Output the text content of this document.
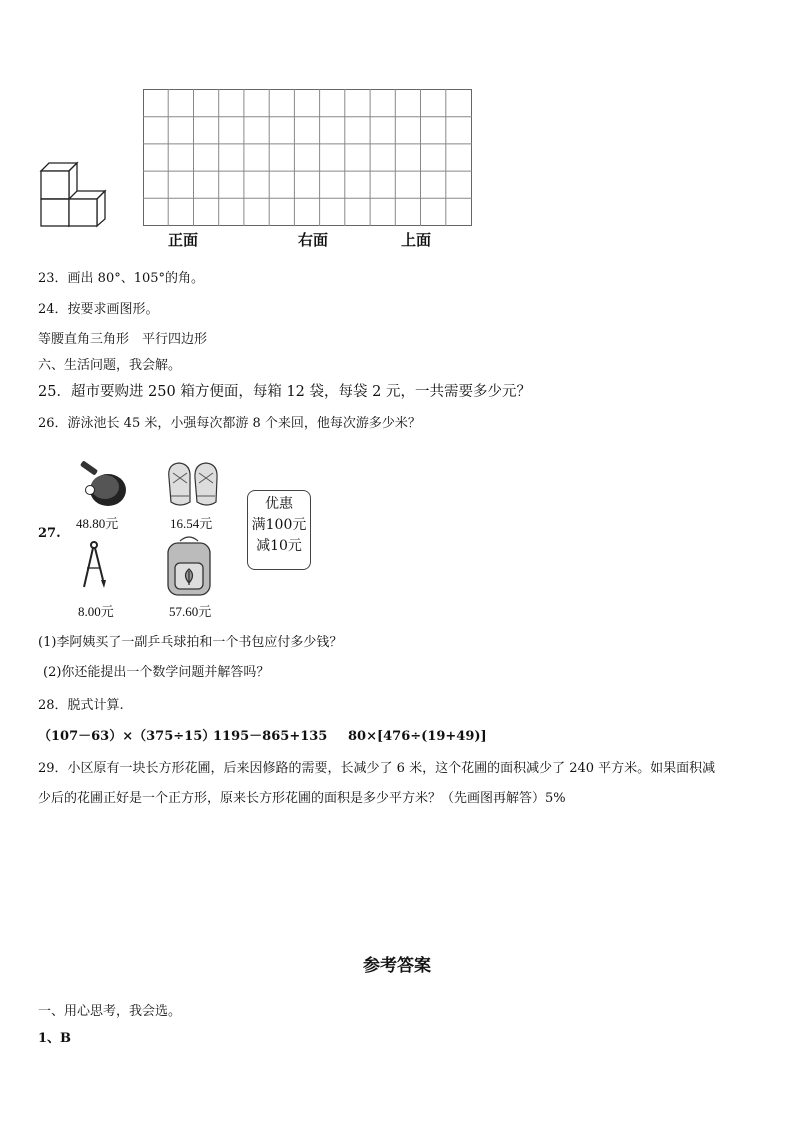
正面	右面	上面
23．画出 80°、105°的角。
24．按要求画图形。
等腰直角三角形　平行四边形
六、生活问题，我会解。
25．超市要购进 250 箱方便面，每箱 12 袋，每袋 2 元，一共需要多少元？
26．游泳池长 45 米，小强每次都游 8 个来回，他每次游多少米？
27.
48.80元	16.54元
优惠
满100元
减10元
8.00元	57.60元
(1)李阿姨买了一副乒乓球拍和一个书包应付多少钱？
(2)你还能提出一个数学问题并解答吗？
28．脱式计算.
（107－63）×（375÷15）
1195－865+135 80×[476÷(19+49)]
29．小区原有一块长方形花圃，后来因修路的需要，长减少了 6 米，这个花圃的面积减少了 240 平方米。如果面积减
少后的花圃正好是一个正方形，原来长方形花圃的面积是多少平方米？（先画图再解答）5%
参考答案
一、用心思考，我会选。
1、B
